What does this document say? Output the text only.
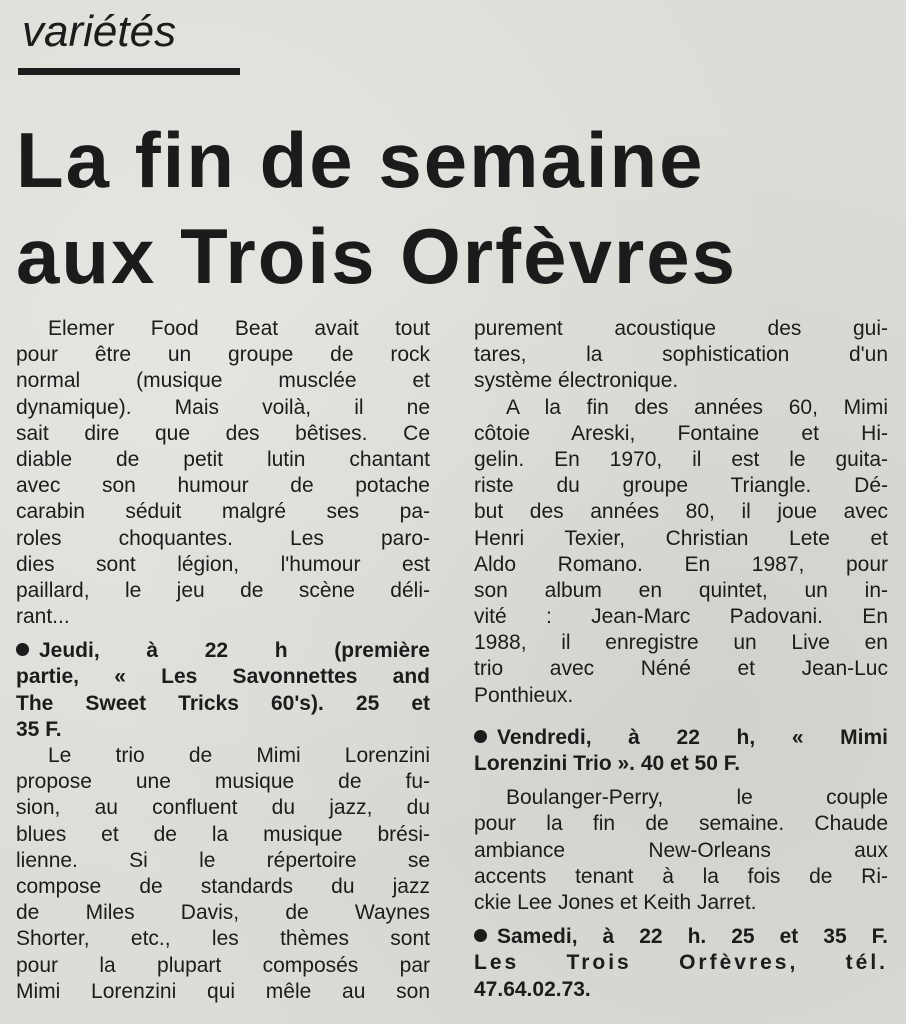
variétés
La fin de semaine
aux Trois Orfèvres
Elemer Food Beat avait tout
pour être un groupe de rock
normal (musique musclée et
dynamique). Mais voilà, il ne
sait dire que des bêtises. Ce
diable de petit lutin chantant
avec son humour de potache
carabin séduit malgré ses pa-
roles choquantes. Les paro-
dies sont légion, l'humour est
paillard, le jeu de scène déli-
rant...
Jeudi, à 22 h (première
partie, « Les Savonnettes and
The Sweet Tricks 60's). 25 et
35 F.
Le trio de Mimi Lorenzini
propose une musique de fu-
sion, au confluent du jazz, du
blues et de la musique brési-
lienne. Si le répertoire se
compose de standards du jazz
de Miles Davis, de Waynes
Shorter, etc., les thèmes sont
pour la plupart composés par
Mimi Lorenzini qui mêle au son
purement acoustique des gui-
tares, la sophistication d'un
système électronique.
A la fin des années 60, Mimi
côtoie Areski, Fontaine et Hi-
gelin. En 1970, il est le guita-
riste du groupe Triangle. Dé-
but des années 80, il joue avec
Henri Texier, Christian Lete et
Aldo Romano. En 1987, pour
son album en quintet, un in-
vité : Jean-Marc Padovani. En
1988, il enregistre un Live en
trio avec Néné et Jean-Luc
Ponthieux.
Vendredi, à 22 h, « Mimi
Lorenzini Trio ». 40 et 50 F.
Boulanger-Perry, le couple
pour la fin de semaine. Chaude
ambiance New-Orleans aux
accents tenant à la fois de Ri-
ckie Lee Jones et Keith Jarret.
Samedi, à 22 h. 25 et 35 F.
Les Trois Orfèvres, tél.
47.64.02.73.
